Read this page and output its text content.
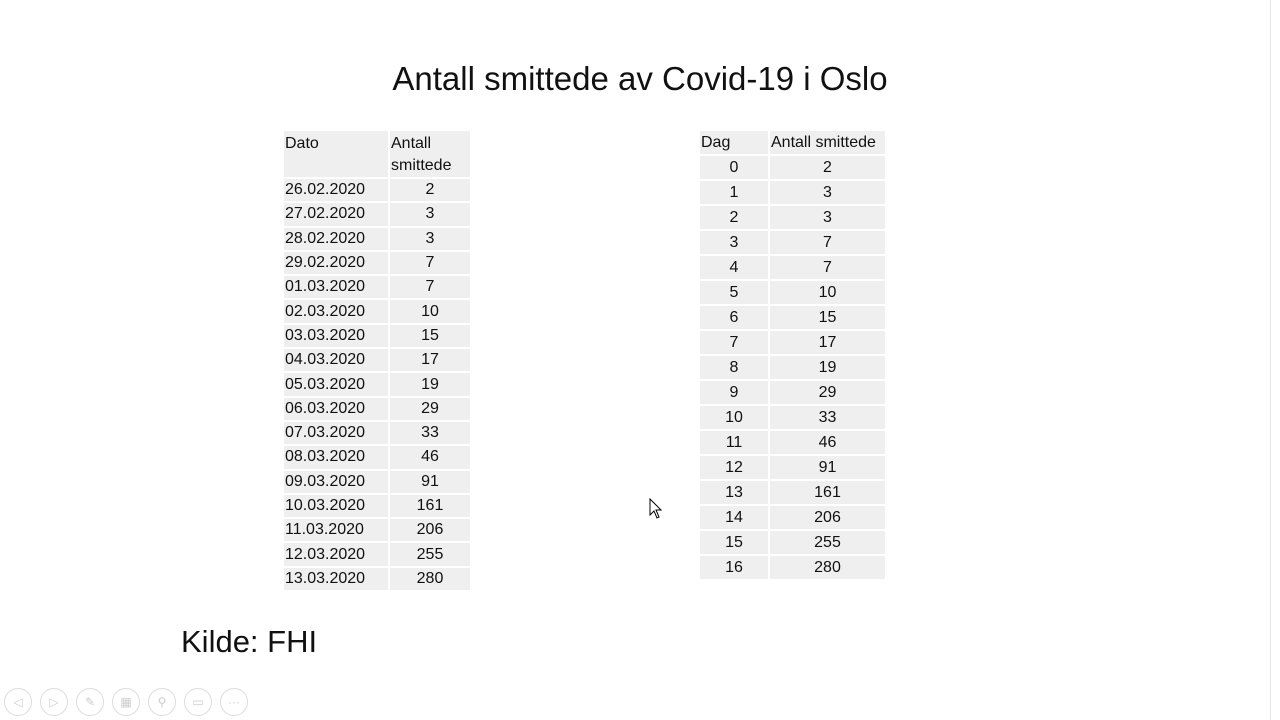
Antall smittede av Covid-19 i Oslo
Dato	Antall smittede
26.02.2020	2
27.02.2020	3
28.02.2020	3
29.02.2020	7
01.03.2020	7
02.03.2020	10
03.03.2020	15
04.03.2020	17
05.03.2020	19
06.03.2020	29
07.03.2020	33
08.03.2020	46
09.03.2020	91
10.03.2020	161
11.03.2020	206
12.03.2020	255
13.03.2020	280
Dag	Antall smittede
0	2
1	3
2	3
3	7
4	7
5	10
6	15
7	17
8	19
9	29
10	33
11	46
12	91
13	161
14	206
15	255
16	280
Kilde: FHI
◁	▷	✎	▦	⚲	▭	···
